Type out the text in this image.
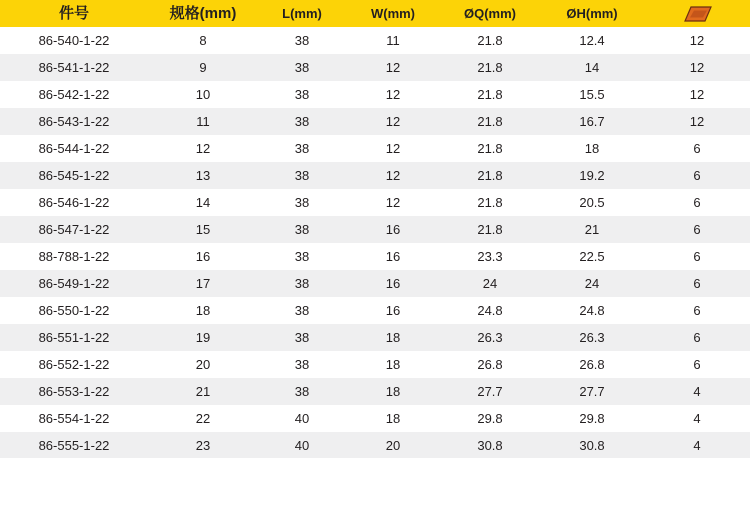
件号	规格(mm)	L(mm)	W(mm)	ØQ(mm)	ØH(mm)	

86-540-1-22	8	38	11	21.8	12.4	12
86-541-1-22	9	38	12	21.8	14	12
86-542-1-22	10	38	12	21.8	15.5	12
86-543-1-22	11	38	12	21.8	16.7	12
86-544-1-22	12	38	12	21.8	18	6
86-545-1-22	13	38	12	21.8	19.2	6
86-546-1-22	14	38	12	21.8	20.5	6
86-547-1-22	15	38	16	21.8	21	6
88-788-1-22	16	38	16	23.3	22.5	6
86-549-1-22	17	38	16	24	24	6
86-550-1-22	18	38	16	24.8	24.8	6
86-551-1-22	19	38	18	26.3	26.3	6
86-552-1-22	20	38	18	26.8	26.8	6
86-553-1-22	21	38	18	27.7	27.7	4
86-554-1-22	22	40	18	29.8	29.8	4
86-555-1-22	23	40	20	30.8	30.8	4
